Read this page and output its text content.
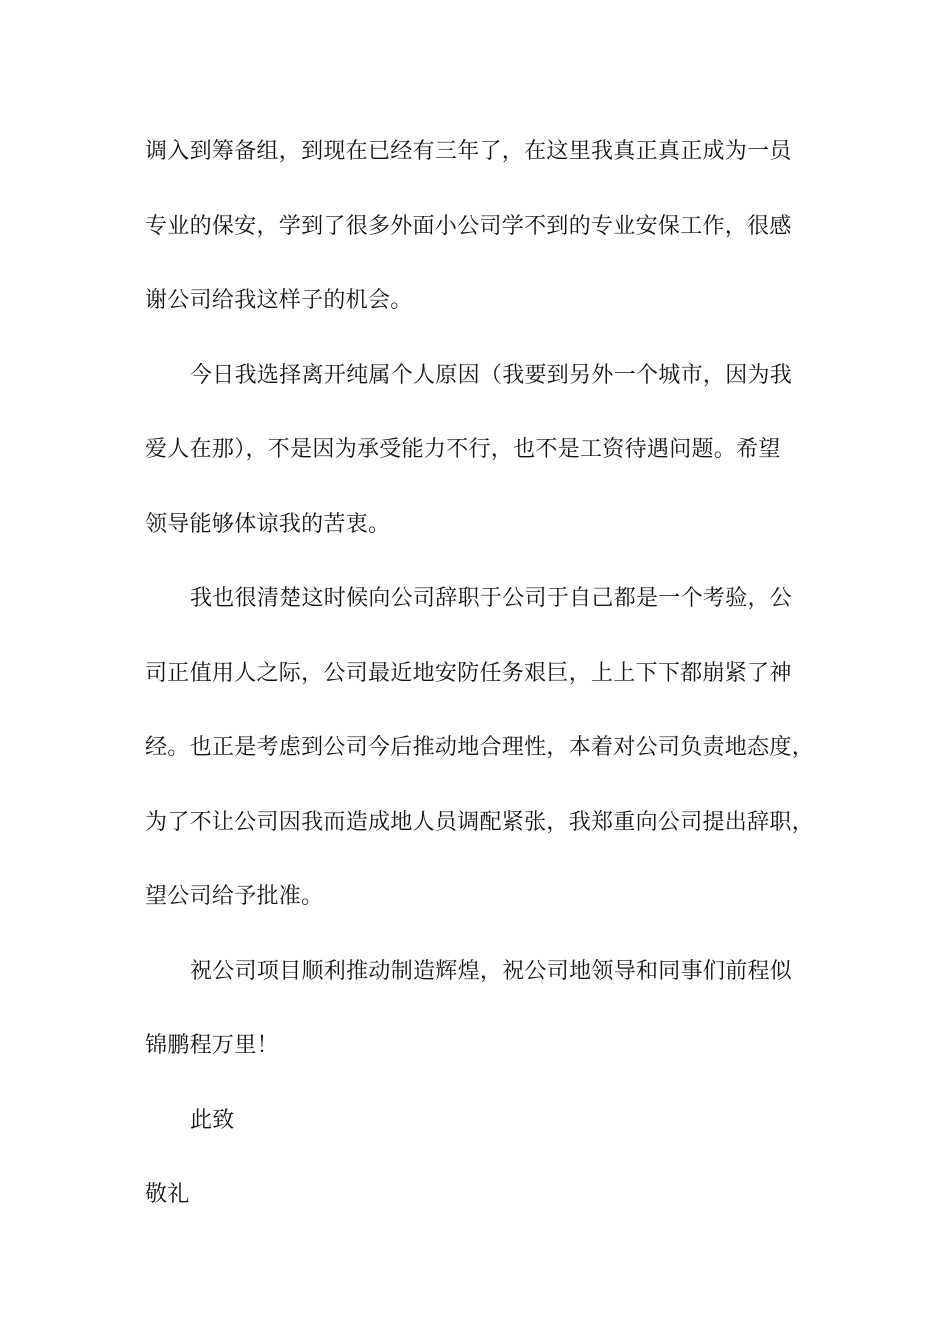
调入到筹备组，到现在已经有三年了，在这里我真正真正成为一员
专业的保安，学到了很多外面小公司学不到的专业安保工作，很感
谢公司给我这样子的机会。
今日我选择离开纯属个人原因（我要到另外一个城市，因为我
爱人在那），不是因为承受能力不行，也不是工资待遇问题。希望
领导能够体谅我的苦衷。
我也很清楚这时候向公司辞职于公司于自己都是一个考验，公
司正值用人之际，公司最近地安防任务艰巨，上上下下都崩紧了神
经。也正是考虑到公司今后推动地合理性，本着对公司负责地态度，
为了不让公司因我而造成地人员调配紧张，我郑重向公司提出辞职，
望公司给予批准。
祝公司项目顺利推动制造辉煌，祝公司地领导和同事们前程似
锦鹏程万里！
此致
敬礼
